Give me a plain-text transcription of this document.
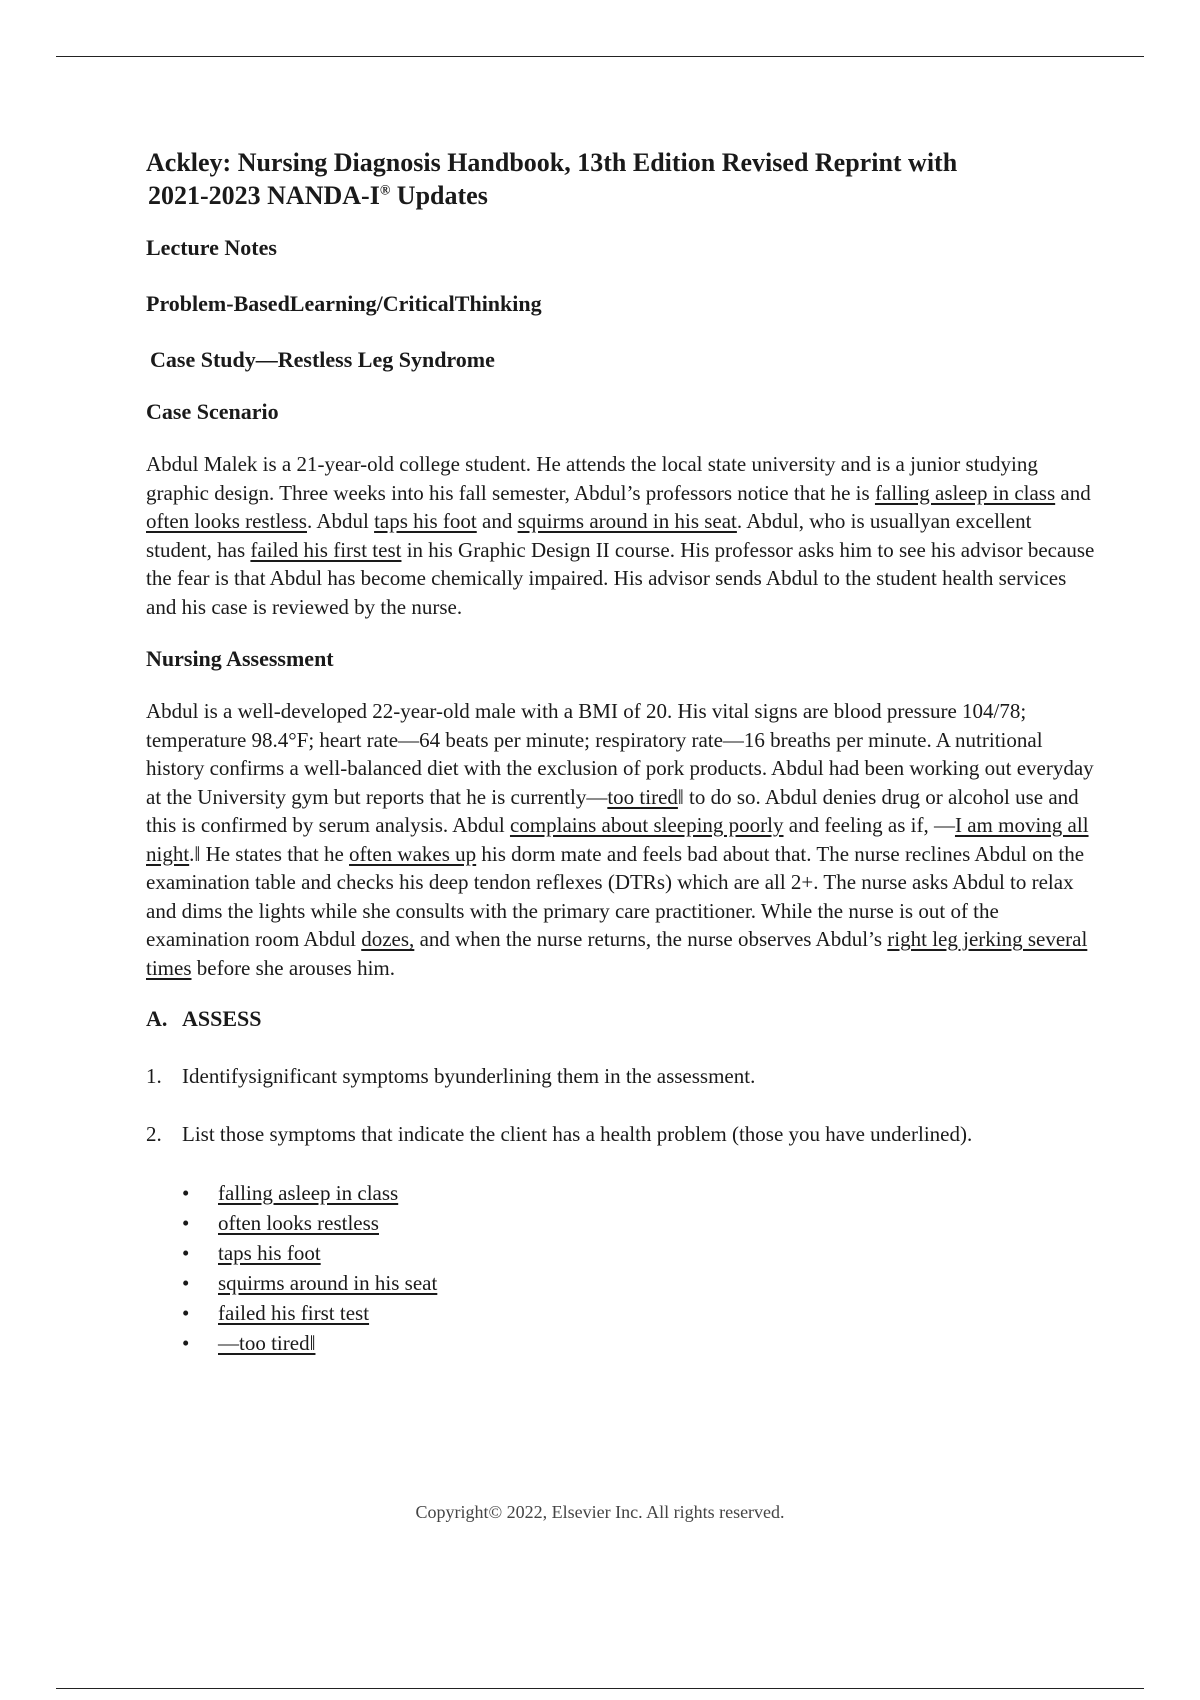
Ackley: Nursing Diagnosis Handbook, 13th Edition Revised Reprint with
2021-2023 NANDA-I® Updates
Lecture Notes
Problem-BasedLearning/CriticalThinking
Case Study—Restless Leg Syndrome
Case Scenario

Abdul Malek is a 21-year-old college student. He attends the local state university and is a junior studying graphic design. Three weeks into his fall semester, Abdul’s professors notice that he is falling asleep in class and often looks restless. Abdul taps his foot and squirms around in his seat. Abdul, who is usuallyan excellent student, has failed his first test in his Graphic Design II course. His professor asks him to see his advisor because the fear is that Abdul has become chemically impaired. His advisor sends Abdul to the student health services and his case is reviewed by the nurse.

Nursing Assessment

Abdul is a well-developed 22-year-old male with a BMI of 20. His vital signs are blood pressure 104/78; temperature 98.4°F; heart rate—64 beats per minute; respiratory rate—16 breaths per minute. A nutritional history confirms a well-balanced diet with the exclusion of pork products. Abdul had been working out everyday at the University gym but reports that he is currently—too tired‖ to do so. Abdul denies drug or alcohol use and this is confirmed by serum analysis. Abdul complains about sleeping poorly and feeling as if, —I am moving all night.‖ He states that he often wakes up his dorm mate and feels bad about that. The nurse reclines Abdul on the examination table and checks his deep tendon reflexes (DTRs) which are all 2+. The nurse asks Abdul to relax and dims the lights while she consults with the primary care practitioner. While the nurse is out of the examination room Abdul dozes, and when the nurse returns, the nurse observes Abdul’s right leg jerking several times before she arouses him.

A. ASSESS
1. Identifysignificant symptoms byunderlining them in the assessment.
2. List those symptoms that indicate the client has a health problem (those you have underlined).
•	falling asleep in class
•	often looks restless
•	taps his foot
•	squirms around in his seat
•	failed his first test
•	—too tired‖
Copyright© 2022, Elsevier Inc. All rights reserved.
